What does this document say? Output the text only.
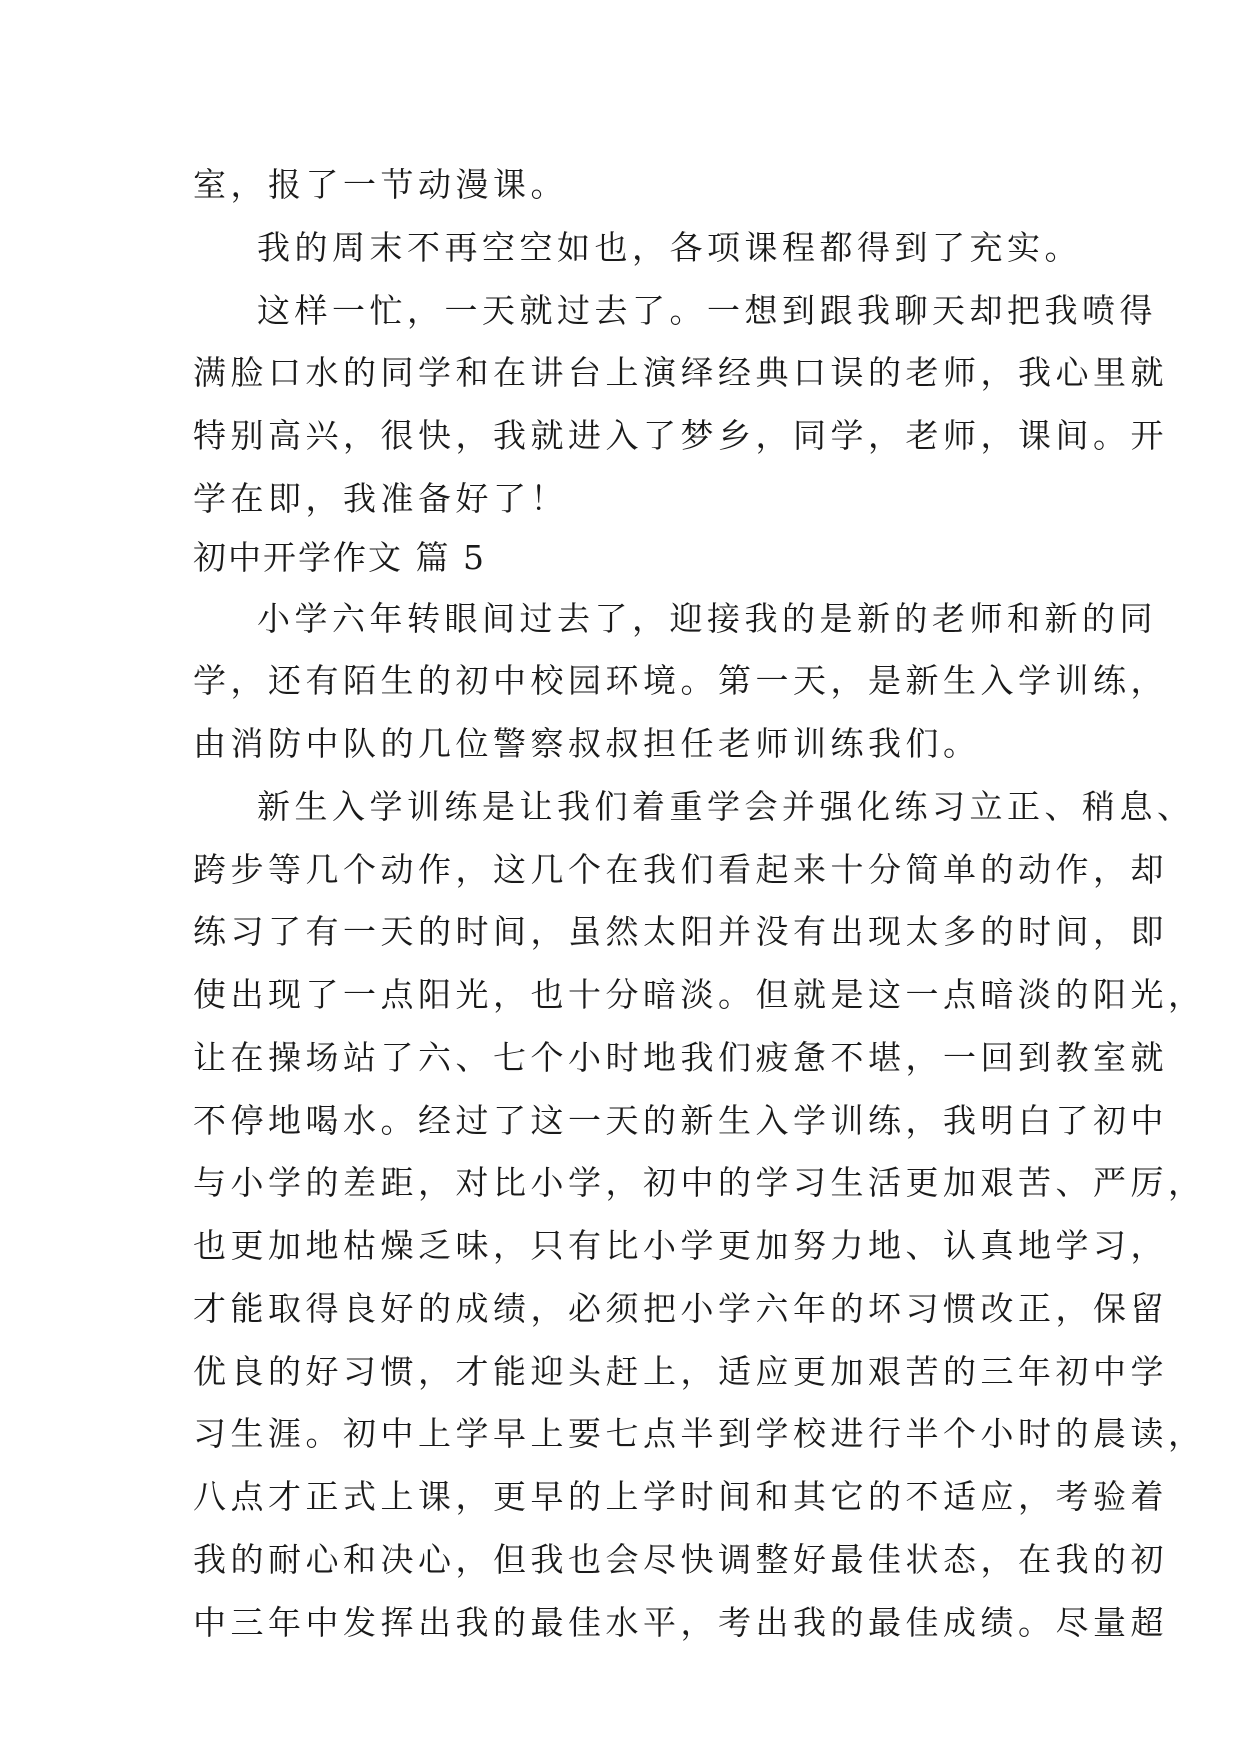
室，报了一节动漫课。
我的周末不再空空如也，各项课程都得到了充实。
这样一忙，一天就过去了。一想到跟我聊天却把我喷得
满脸口水的同学和在讲台上演绎经典口误的老师，我心里就
特别高兴，很快，我就进入了梦乡，同学，老师，课间。开
学在即，我准备好了！
初中开学作文 篇 5
小学六年转眼间过去了，迎接我的是新的老师和新的同
学，还有陌生的初中校园环境。第一天，是新生入学训练，
由消防中队的几位警察叔叔担任老师训练我们。
新生入学训练是让我们着重学会并强化练习立正、稍息、
跨步等几个动作，这几个在我们看起来十分简单的动作，却
练习了有一天的时间，虽然太阳并没有出现太多的时间，即
使出现了一点阳光，也十分暗淡。但就是这一点暗淡的阳光，
让在操场站了六、七个小时地我们疲惫不堪，一回到教室就
不停地喝水。经过了这一天的新生入学训练，我明白了初中
与小学的差距，对比小学，初中的学习生活更加艰苦、严厉，
也更加地枯燥乏味，只有比小学更加努力地、认真地学习，
才能取得良好的成绩，必须把小学六年的坏习惯改正，保留
优良的好习惯，才能迎头赶上，适应更加艰苦的三年初中学
习生涯。初中上学早上要七点半到学校进行半个小时的晨读，
八点才正式上课，更早的上学时间和其它的不适应，考验着
我的耐心和决心，但我也会尽快调整好最佳状态，在我的初
中三年中发挥出我的最佳水平，考出我的最佳成绩。尽量超
